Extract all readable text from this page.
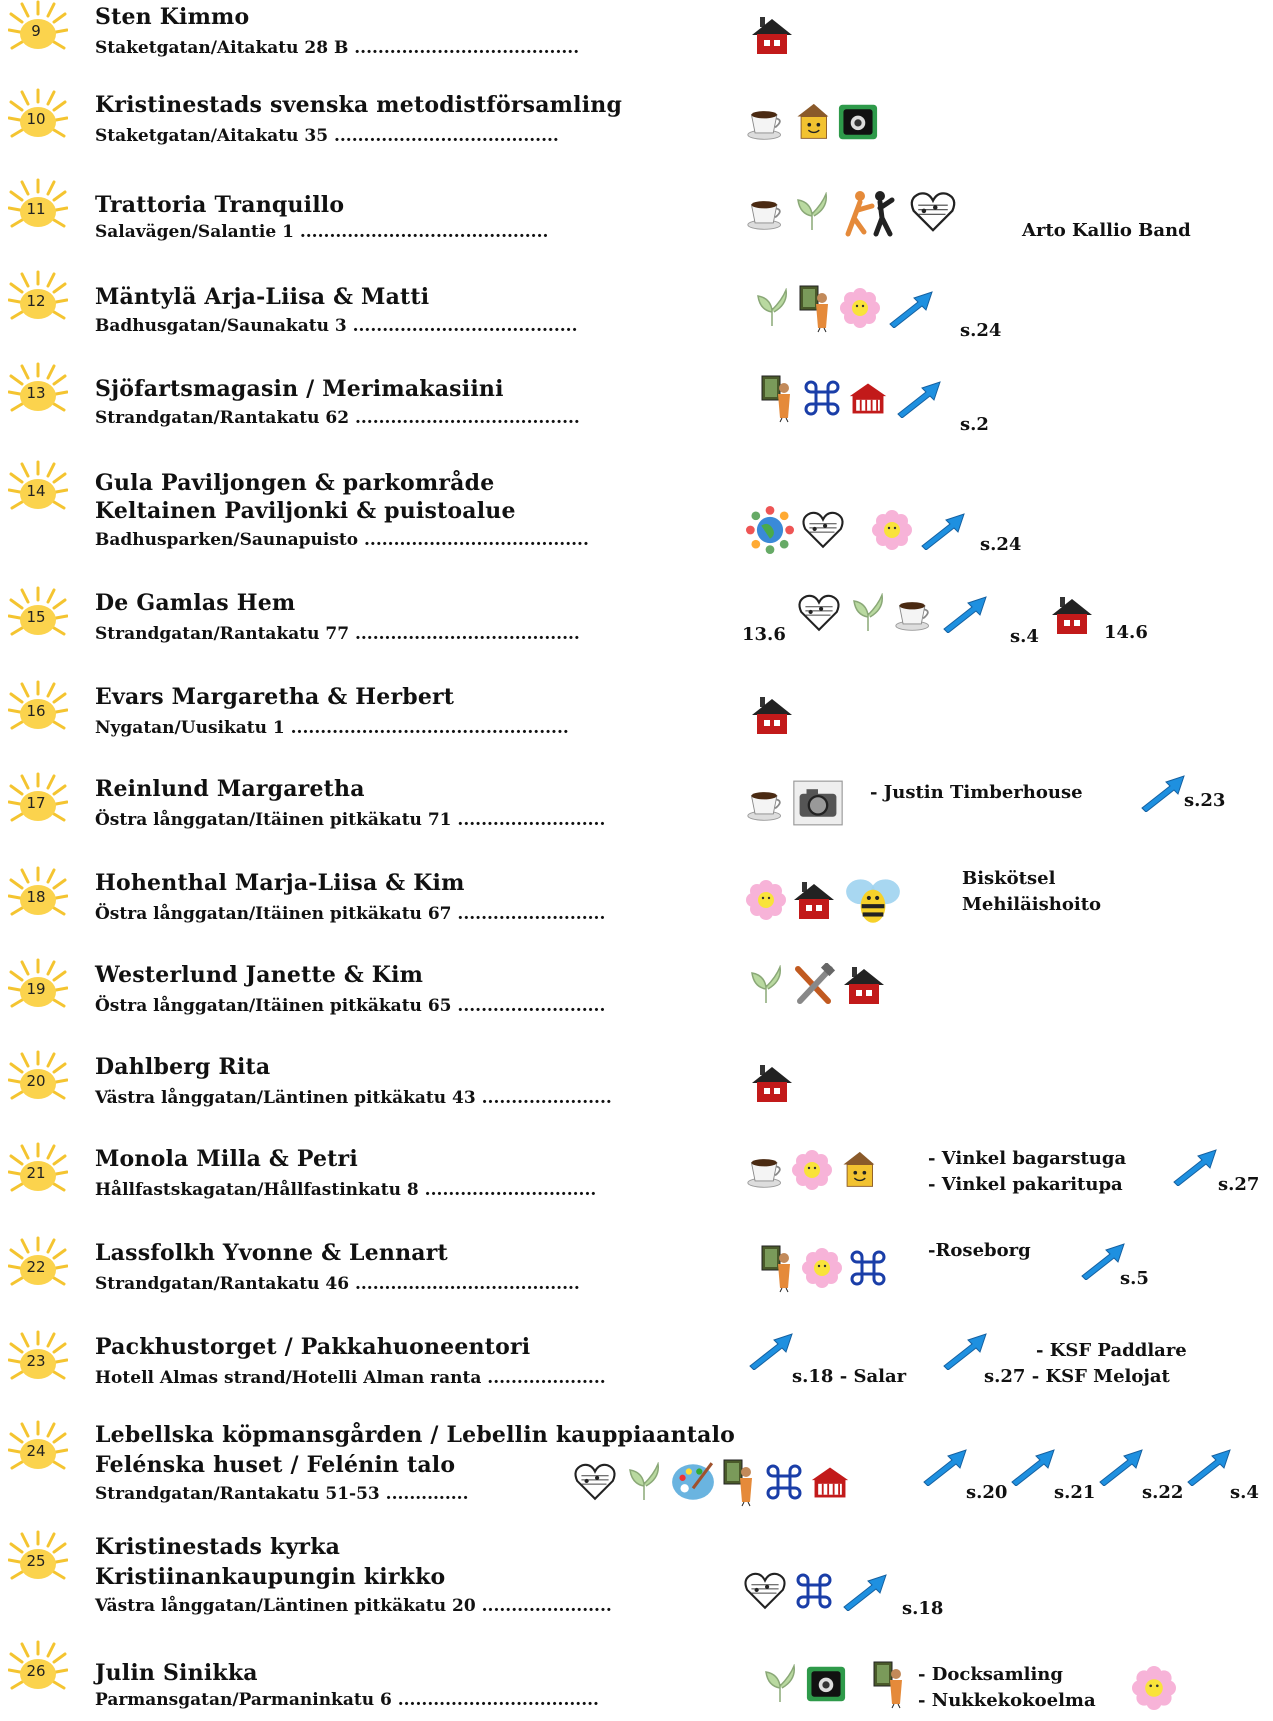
9
Sten Kimmo
Staketgatan/Aitakatu 28 B ......................................
10
Kristinestads svenska metodistförsamling
Staketgatan/Aitakatu 35 ......................................
11 Trattoria Tranquillo
Salavägen/Salantie 1 ..........................................	Arto Kallio Band
12 Mäntylä Arja-Liisa & Matti
Badhusgatan/Saunakatu 3 ......................................	s.24
13 Sjöfartsmagasin / Merimakasiini
Strandgatan/Rantakatu 62 ......................................	s.2
14 Gula Paviljongen & parkområde
Keltainen Paviljonki & puistoalue
Badhusparken/Saunapuisto ......................................	s.24
15
De Gamlas Hem
Strandgatan/Rantakatu 77 ......................................	13.6	s.4	14.6
16
Evars Margaretha & Herbert
Nygatan/Uusikatu 1 ...............................................
17
Reinlund Margaretha
Östra långgatan/Itäinen pitkäkatu 71 .........................
- Justin Timberhouse	s.23
18
Hohenthal Marja-Liisa & Kim
Östra långgatan/Itäinen pitkäkatu 67 .........................
Biskötsel
Mehiläishoito
19
Westerlund Janette & Kim
Östra långgatan/Itäinen pitkäkatu 65 .........................
20
Dahlberg Rita
Västra långgatan/Läntinen pitkäkatu 43 ......................
21
Monola Milla & Petri
Hållfastskagatan/Hållfastinkatu 8 .............................
- Vinkel bagarstuga
- Vinkel pakaritupa	s.27
22
Lassfolkh Yvonne & Lennart
Strandgatan/Rantakatu 46 ......................................
-Roseborg
s.5
23
Packhustorget / Pakkahuoneentori
Hotell Almas strand/Hotelli Alman ranta ....................	s.18 - Salar
- KSF Paddlare
s.27 - KSF Melojat
24
Lebellska köpmansgården / Lebellin kauppiaantalo
Felénska huset / Felénin talo
Strandgatan/Rantakatu 51-53 ..............	s.20	s.21	s.22	s.4
25
Kristinestads kyrka
Kristiinankaupungin kirkko
Västra långgatan/Läntinen pitkäkatu 20 ......................	s.18
26 Julin Sinikka
Parmansgatan/Parmaninkatu 6 ..................................
- Docksamling
- Nukkekokoelma
